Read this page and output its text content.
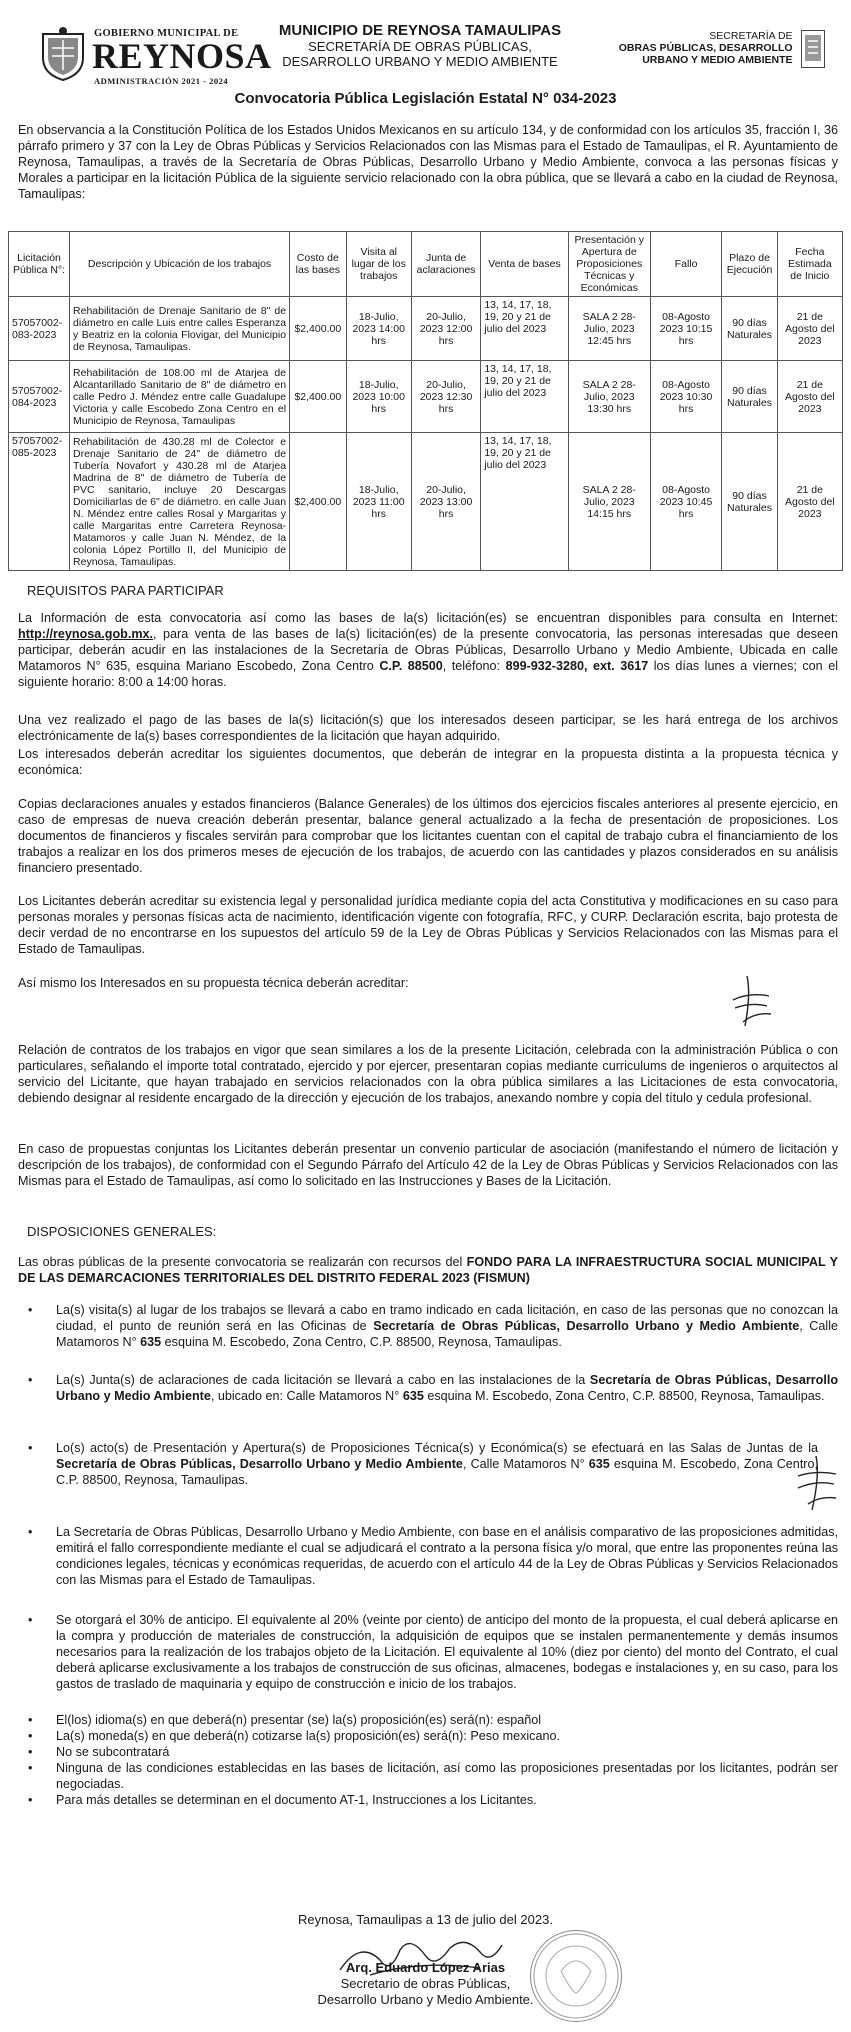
GOBIERNO MUNICIPAL DE
REYNOSA
ADMINISTRACIÓN 2021 - 2024
MUNICIPIO DE REYNOSA TAMAULIPAS
SECRETARÍA DE OBRAS PÚBLICAS,
DESARROLLO URBANO Y MEDIO AMBIENTE
SECRETARÍA DE
OBRAS PÚBLICAS, DESARROLLO
URBANO Y MEDIO AMBIENTE

Convocatoria Pública Legislación Estatal N° 034-2023
En observancia a la Constitución Política de los Estados Unidos Mexicanos en su artículo 134, y de conformidad con los artículos 35, fracción I, 36 párrafo primero y 37 con la Ley de Obras Públicas y Servicios Relacionados con las Mismas para el Estado de Tamaulipas, el R. Ayuntamiento de Reynosa, Tamaulipas, a través de la Secretaría de Obras Públicas, Desarrollo Urbano y Medio Ambiente, convoca a las personas físicas y Morales a participar en la licitación Pública de la siguiente servicio relacionado con la obra pública, que se llevará a cabo en la ciudad de Reynosa, Tamaulipas:
Licitación Pública N°:	Descripción y Ubicación de los trabajos	Costo de las bases	Visita al lugar de los trabajos	Junta de aclaraciones	Venta de bases	Presentación y Apertura de Proposiciones Técnicas y Económicas	Fallo	Plazo de Ejecución	Fecha Estimada de Inicio
57057002-083-2023	Rehabilitación de Drenaje Sanitario de 8" de diámetro en calle Luis entre calles Esperanza y Beatriz en la colonia Flovigar, del Municipio de Reynosa, Tamaulipas.	$2,400.00	18-Julio, 2023 14:00 hrs	20-Julio, 2023 12:00 hrs	13, 14, 17, 18, 19, 20 y 21 de julio del 2023	SALA 2 28-Julio, 2023 12:45 hrs	08-Agosto 2023 10:15 hrs	90 días Naturales	21 de Agosto del 2023
57057002-084-2023	Rehabilitación de 108.00 ml de Atarjea de Alcantarillado Sanitario de 8" de diámetro en calle Pedro J. Méndez entre calle Guadalupe Victoria y calle Escobedo Zona Centro en el Municipio de Reynosa, Tamaulipas	$2,400.00	18-Julio, 2023 10:00 hrs	20-Julio, 2023 12:30 hrs	13, 14, 17, 18, 19, 20 y 21 de julio del 2023	SALA 2 28-Julio, 2023 13:30 hrs	08-Agosto 2023 10:30 hrs	90 días Naturales	21 de Agosto del 2023
57057002-085-2023	Rehabilitación de 430.28 ml de Colector e Drenaje Sanitario de 24" de diámetro de Tubería Novafort y 430.28 ml de Atarjea Madrina de 8" de diámetro de Tubería de PVC sanitario, incluye 20 Descargas Domiciliarlas de 6" de diámetro. en calle Juan N. Méndez entre calles Rosal y Margaritas y calle Margaritas entre Carretera Reynosa-Matamoros y calle Juan N. Méndez, de la colonia López Portillo II, del Municipio de Reynosa, Tamaulipas.	$2,400.00	18-Julio, 2023 11:00 hrs	20-Julio, 2023 13:00 hrs	13, 14, 17, 18, 19, 20 y 21 de julio del 2023	SALA 2 28-Julio, 2023 14:15 hrs	08-Agosto 2023 10:45 hrs	90 días Naturales	21 de Agosto del 2023
REQUISITOS PARA PARTICIPAR
La Información de esta convocatoria así como las bases de la(s) licitación(es) se encuentran disponibles para consulta en Internet: http://reynosa.gob.mx., para venta de las bases de la(s) licitación(es) de la presente convocatoria, las personas interesadas que deseen participar, deberán acudir en las instalaciones de la Secretaría de Obras Públicas, Desarrollo Urbano y Medio Ambiente, Ubicada en calle Matamoros N° 635, esquina Mariano Escobedo, Zona Centro C.P. 88500, teléfono: 899-932-3280, ext. 3617 los días lunes a viernes; con el siguiente horario: 8:00 a 14:00 horas.
Una vez realizado el pago de las bases de la(s) licitación(s) que los interesados deseen participar, se les hará entrega de los archivos electrónicamente de la(s) bases correspondientes de la licitación que hayan adquirido.
Los interesados deberán acreditar los siguientes documentos, que deberán de integrar en la propuesta distinta a la propuesta técnica y económica:
Copias declaraciones anuales y estados financieros (Balance Generales) de los últimos dos ejercicios fiscales anteriores al presente ejercicio, en caso de empresas de nueva creación deberán presentar, balance general actualizado a la fecha de presentación de proposiciones. Los documentos de financieros y fiscales servirán para comprobar que los licitantes cuentan con el capital de trabajo cubra el financiamiento de los trabajos a realizar en los dos primeros meses de ejecución de los trabajos, de acuerdo con las cantidades y plazos considerados en su análisis financiero presentado.
Los Licitantes deberán acreditar su existencia legal y personalidad jurídica mediante copia del acta Constitutiva y modificaciones en su caso para personas morales y personas físicas acta de nacimiento, identificación vigente con fotografía, RFC, y CURP. Declaración escrita, bajo protesta de decir verdad de no encontrarse en los supuestos del artículo 59 de la Ley de Obras Públicas y Servicios Relacionados con las Mismas para el Estado de Tamaulipas.
Así mismo los Interesados en su propuesta técnica deberán acreditar:
Relación de contratos de los trabajos en vigor que sean similares a los de la presente Licitación, celebrada con la administración Pública o con particulares, señalando el importe total contratado, ejercido y por ejercer, presentaran copias mediante curriculums de ingenieros o arquitectos al servicio del Licitante, que hayan trabajado en servicios relacionados con la obra pública similares a las Licitaciones de esta convocatoria, debiendo designar al residente encargado de la dirección y ejecución de los trabajos, anexando nombre y copia del título y cedula profesional.
En caso de propuestas conjuntas los Licitantes deberán presentar un convenio particular de asociación (manifestando el número de licitación y descripción de los trabajos), de conformidad con el Segundo Párrafo del Artículo 42 de la Ley de Obras Públicas y Servicios Relacionados con las Mismas para el Estado de Tamaulipas, así como lo solicitado en las Instrucciones y Bases de la Licitación.
DISPOSICIONES GENERALES:
Las obras públicas de la presente convocatoria se realizarán con recursos del FONDO PARA LA INFRAESTRUCTURA SOCIAL MUNICIPAL Y DE LAS DEMARCACIONES TERRITORIALES DEL DISTRITO FEDERAL 2023 (FISMUN)
• La(s) visita(s) al lugar de los trabajos se llevará a cabo en tramo indicado en cada licitación, en caso de las personas que no conozcan la ciudad, el punto de reunión será en las Oficinas de Secretaría de Obras Públicas, Desarrollo Urbano y Medio Ambiente, Calle Matamoros N° 635 esquina M. Escobedo, Zona Centro, C.P. 88500, Reynosa, Tamaulipas.
• La(s) Junta(s) de aclaraciones de cada licitación se llevará a cabo en las instalaciones de la Secretaría de Obras Públicas, Desarrollo Urbano y Medio Ambiente, ubicado en: Calle Matamoros N° 635 esquina M. Escobedo, Zona Centro, C.P. 88500, Reynosa, Tamaulipas.
• Lo(s) acto(s) de Presentación y Apertura(s) de Proposiciones Técnica(s) y Económica(s) se efectuará en las Salas de Juntas de la Secretaría de Obras Públicas, Desarrollo Urbano y Medio Ambiente, Calle Matamoros N° 635 esquina M. Escobedo, Zona Centro, C.P. 88500, Reynosa, Tamaulipas.
• La Secretaría de Obras Públicas, Desarrollo Urbano y Medio Ambiente, con base en el análisis comparativo de las proposiciones admitidas, emitirá el fallo correspondiente mediante el cual se adjudicará el contrato a la persona física y/o moral, que entre las proponentes reúna las condiciones legales, técnicas y económicas requeridas, de acuerdo con el artículo 44 de la Ley de Obras Públicas y Servicios Relacionados con las Mismas para el Estado de Tamaulipas.
• Se otorgará el 30% de anticipo. El equivalente al 20% (veinte por ciento) de anticipo del monto de la propuesta, el cual deberá aplicarse en la compra y producción de materiales de construcción, la adquisición de equipos que se instalen permanentemente y demás insumos necesarios para la realización de los trabajos objeto de la Licitación. El equivalente al 10% (diez por ciento) del monto del Contrato, el cual deberá aplicarse exclusivamente a los trabajos de construcción de sus oficinas, almacenes, bodegas e instalaciones y, en su caso, para los gastos de traslado de maquinaria y equipo de construcción e inicio de los trabajos.
• El(los) idioma(s) en que deberá(n) presentar (se) la(s) proposición(es) será(n): español
• La(s) moneda(s) en que deberá(n) cotizarse la(s) proposición(es) será(n): Peso mexicano.
• No se subcontratará
• Ninguna de las condiciones establecidas en las bases de licitación, así como las proposiciones presentadas por los licitantes, podrán ser negociadas.
• Para más detalles se determinan en el documento AT-1, Instrucciones a los Licitantes.
Reynosa, Tamaulipas a 13 de julio del 2023.
Arq. Eduardo López Arias
Secretario de obras Públicas,
Desarrollo Urbano y Medio Ambiente.
